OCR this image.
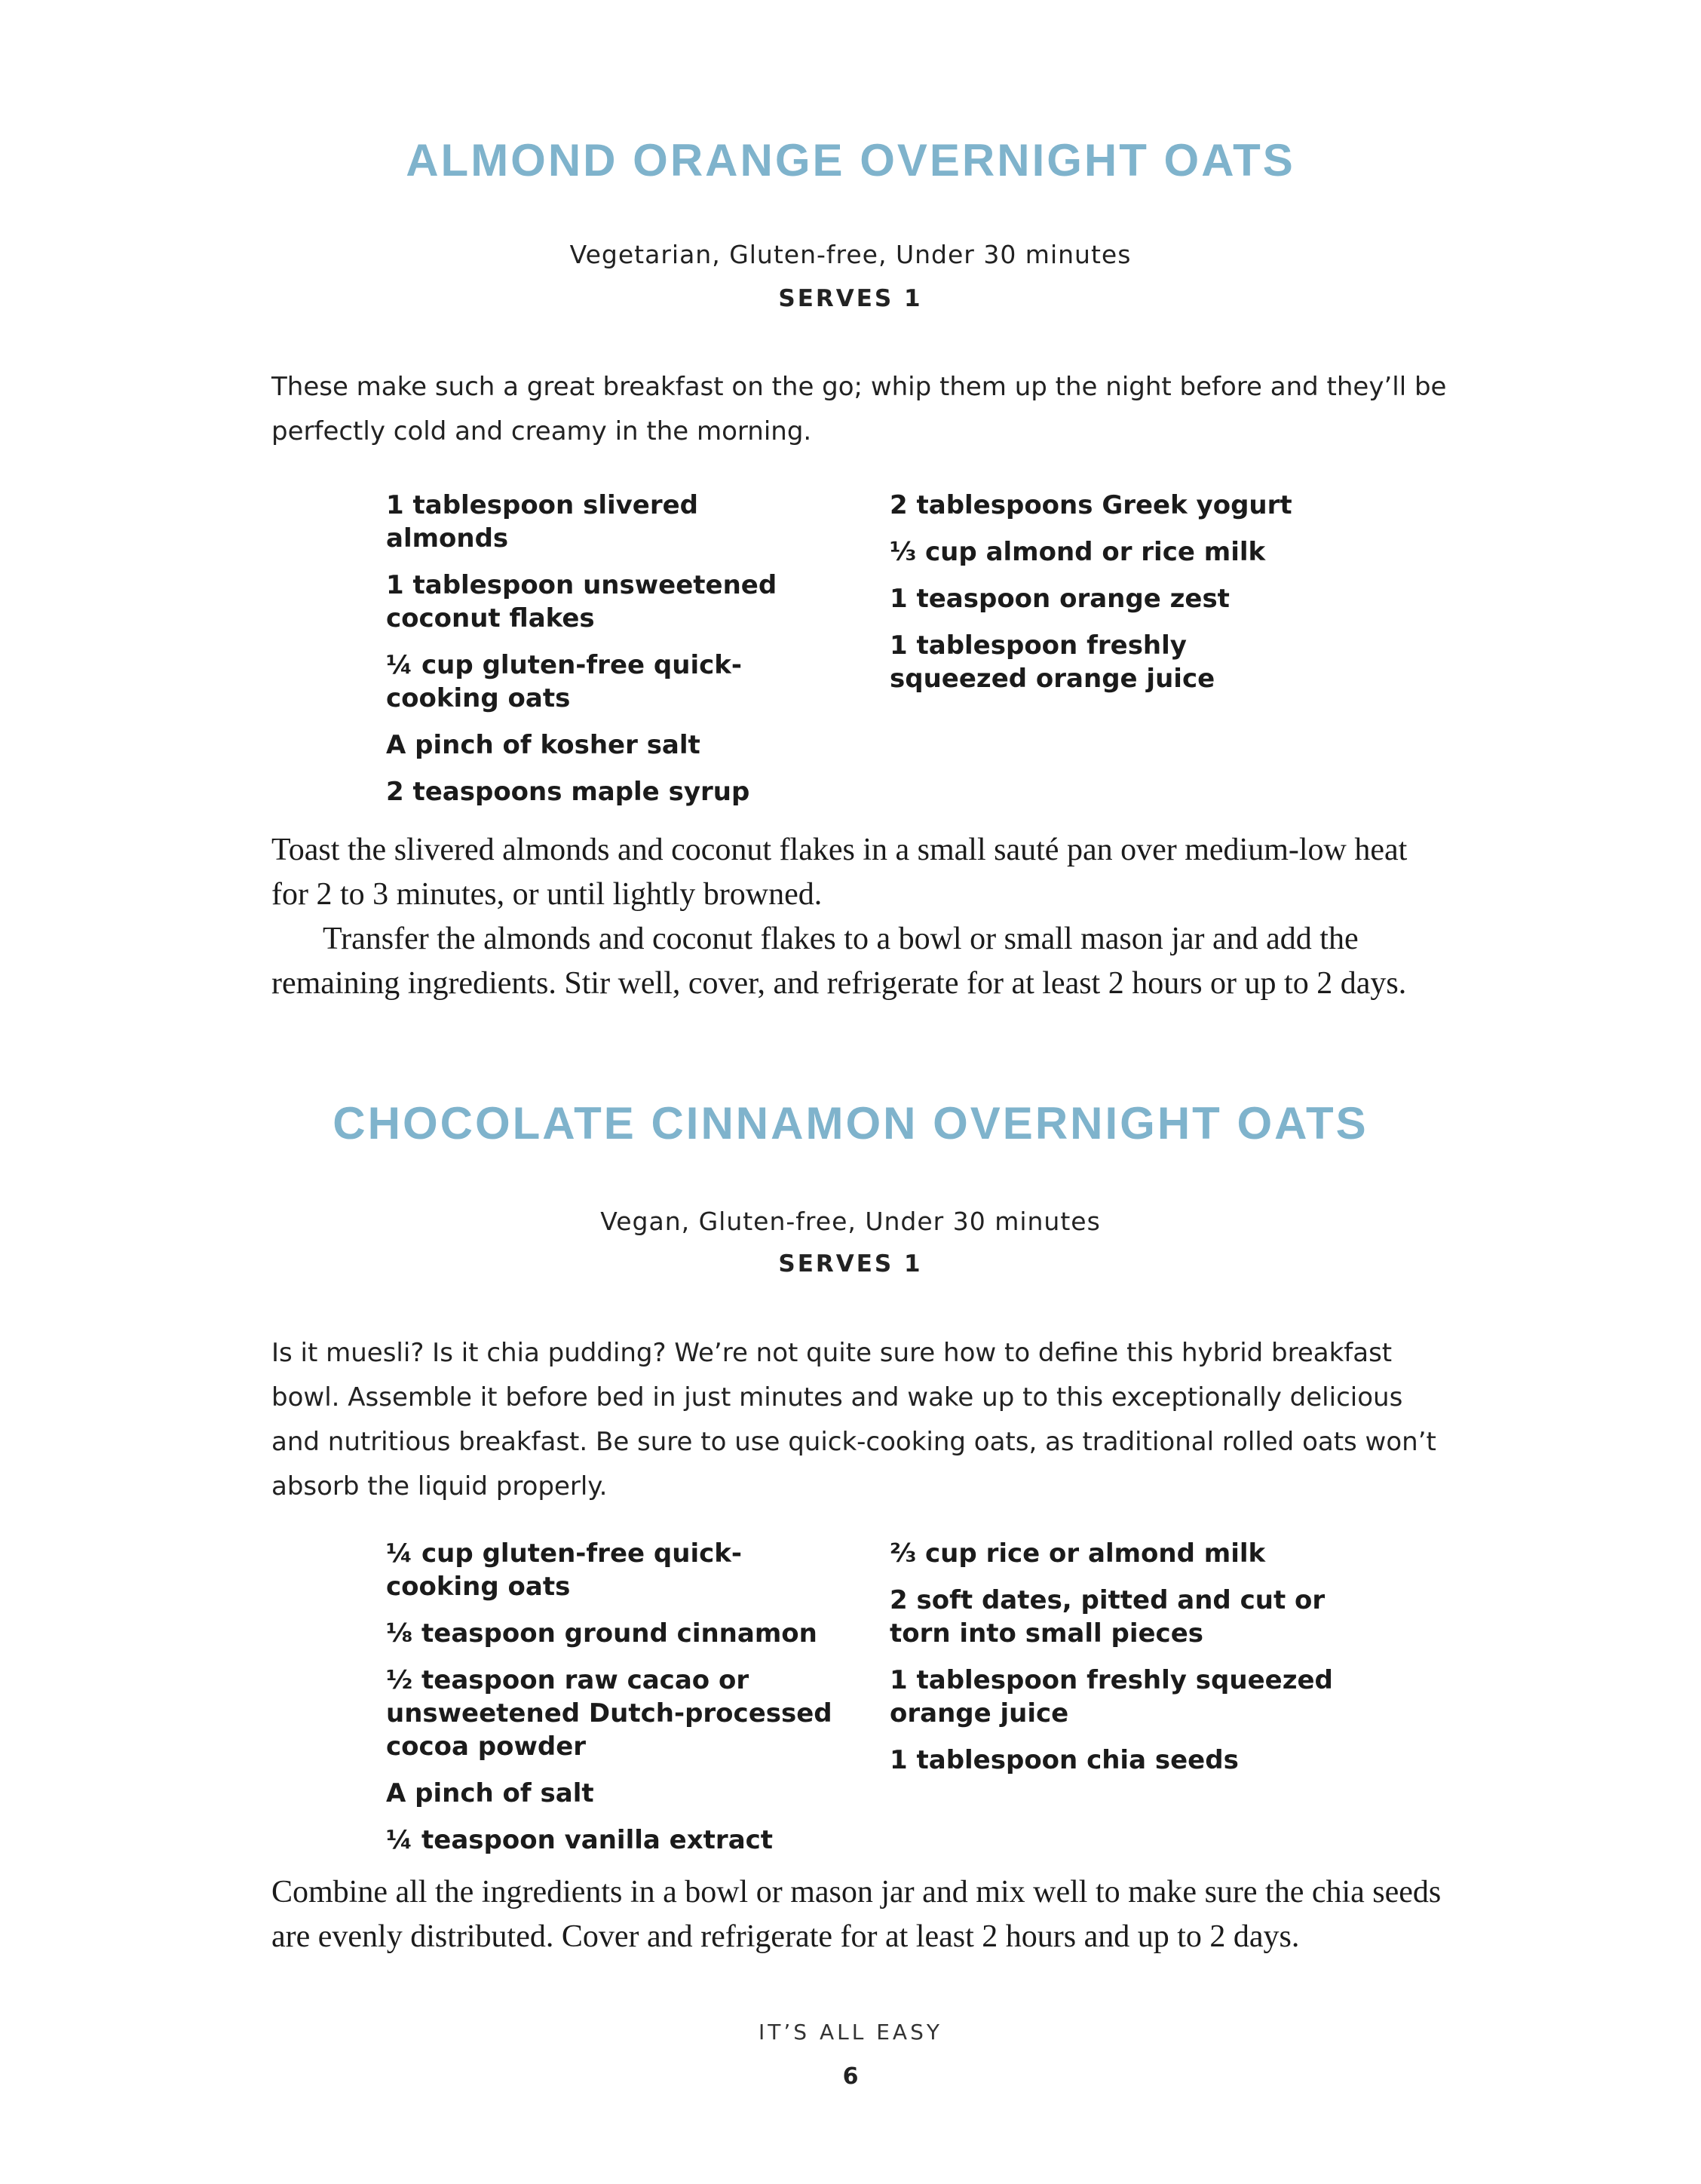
ALMOND ORANGE OVERNIGHT OATS
Vegetarian, Gluten-free, Under 30 minutes
SERVES 1

These make such a great breakfast on the go; whip them up the night before and they’ll be perfectly cold and creamy in the morning.

1 tablespoon slivered almonds
1 tablespoon unsweetened coconut flakes
¼ cup gluten-free quick-cooking oats
A pinch of kosher salt
2 teaspoons maple syrup
2 tablespoons Greek yogurt
⅓ cup almond or rice milk
1 teaspoon orange zest
1 tablespoon freshly squeezed orange juice

Toast the slivered almonds and coconut flakes in a small sauté pan over medium-low heat for 2 to 3 minutes, or until lightly browned.

Transfer the almonds and coconut flakes to a bowl or small mason jar and add the remaining ingredients. Stir well, cover, and refrigerate for at least 2 hours or up to 2 days.

CHOCOLATE CINNAMON OVERNIGHT OATS
Vegan, Gluten-free, Under 30 minutes
SERVES 1

Is it muesli? Is it chia pudding? We’re not quite sure how to define this hybrid breakfast bowl. Assemble it before bed in just minutes and wake up to this exceptionally delicious and nutritious breakfast. Be sure to use quick-cooking oats, as traditional rolled oats won’t absorb the liquid properly.

¼ cup gluten-free quick-cooking oats
⅛ teaspoon ground cinnamon
½ teaspoon raw cacao or unsweetened Dutch-processed cocoa powder
A pinch of salt
¼ teaspoon vanilla extract
⅔ cup rice or almond milk
2 soft dates, pitted and cut or torn into small pieces
1 tablespoon freshly squeezed orange juice
1 tablespoon chia seeds

Combine all the ingredients in a bowl or mason jar and mix well to make sure the chia seeds are evenly distributed. Cover and refrigerate for at least 2 hours and up to 2 days.

IT’S ALL EASY
6
